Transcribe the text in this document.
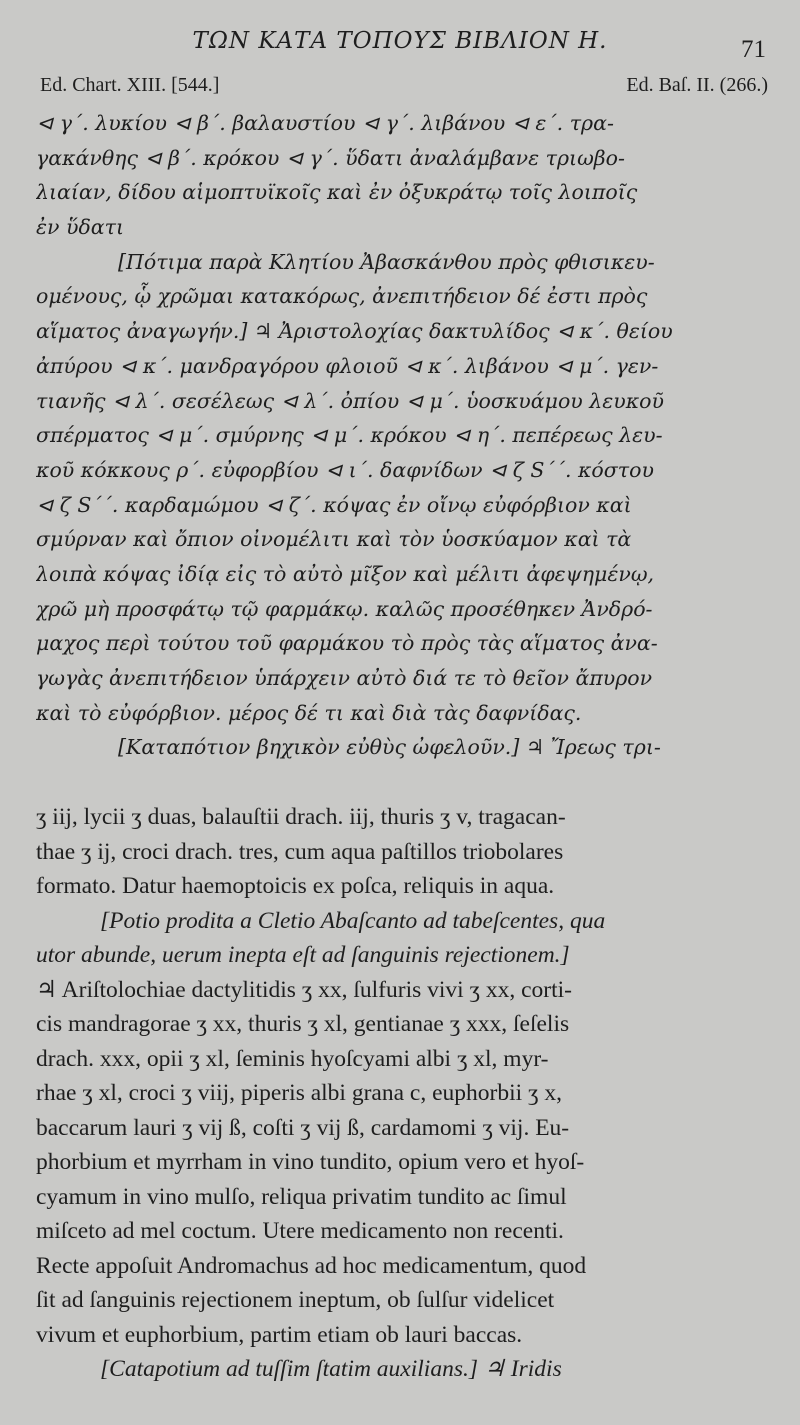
ΤΩΝ ΚΑΤΑ ΤΟΠΟΥΣ ΒΙΒΛΙΟΝ Η.	71
Ed. Chart. XIII. [544.]	Ed. Baſ. II. (266.)
⊲ γ΄. λυκίου ⊲ β΄. βαλαυστίου ⊲ γ΄. λιβάνου ⊲ ε΄. τρα-
γακάνθης ⊲ β΄. κρόκου ⊲ γ΄. ὕδατι ἀναλάμβανε τριωβο-
λιαίαν, δίδου αἱμοπτυϊκοῖς καὶ ἐν ὀξυκράτῳ τοῖς λοιποῖς
ἐν ὕδατι
[Πότιμα παρὰ Κλητίου Ἀβασκάνθου πρὸς φθισικευ-
ομένους, ᾧ χρῶμαι κατακόρως, ἀνεπιτήδειον δέ ἐστι πρὸς
αἵματος ἀναγωγήν.] ♃ Ἀριστολοχίας δακτυλίδος ⊲ κ΄. θείου
ἀπύρου ⊲ κ΄. μανδραγόρου φλοιοῦ ⊲ κ΄. λιβάνου ⊲ μ΄. γεν-
τιανῆς ⊲ λ΄. σεσέλεως ⊲ λ΄. ὀπίου ⊲ μ΄. ὑοσκυάμου λευκοῦ
σπέρματος ⊲ μ΄. σμύρνης ⊲ μ΄. κρόκου ⊲ η΄. πεπέρεως λευ-
κοῦ κόκκους ρ΄. εὐφορβίου ⊲ ι΄. δαφνίδων ⊲ ζ S΄΄. κόστου
⊲ ζ S΄΄. καρδαμώμου ⊲ ζ΄. κόψας ἐν οἴνῳ εὐφόρβιον καὶ
σμύρναν καὶ ὄπιον οἰνομέλιτι καὶ τὸν ὑοσκύαμον καὶ τὰ
λοιπὰ κόψας ἰδίᾳ εἰς τὸ αὐτὸ μῖξον καὶ μέλιτι ἀφεψημένῳ,
χρῶ μὴ προσφάτῳ τῷ φαρμάκῳ. καλῶς προσέθηκεν Ἀνδρό-
μαχος περὶ τούτου τοῦ φαρμάκου τὸ πρὸς τὰς αἵματος ἀνα-
γωγὰς ἀνεπιτήδειον ὑπάρχειν αὐτὸ διά τε τὸ θεῖον ἄπυρον
καὶ τὸ εὐφόρβιον. μέρος δέ τι καὶ διὰ τὰς δαφνίδας.
[Καταπότιον βηχικὸν εὐθὺς ὠφελοῦν.] ♃ Ἴρεως τρι-
ʒ iij, lycii ʒ duas, balauſtii drach. iij, thuris ʒ v, tragacan-
thae ʒ ij, croci drach. tres, cum aqua paſtillos triobolares
formato. Datur haemoptoicis ex poſca, reliquis in aqua.
[Potio prodita a Cletio Abaſcanto ad tabeſcentes, qua
utor abunde, uerum inepta eſt ad ſanguinis rejectionem.]
♃ Ariſtolochiae dactylitidis ʒ xx, ſulfuris vivi ʒ xx, corti-
cis mandragorae ʒ xx, thuris ʒ xl, gentianae ʒ xxx, ſeſelis
drach. xxx, opii ʒ xl, ſeminis hyoſcyami albi ʒ xl, myr-
rhae ʒ xl, croci ʒ viij, piperis albi grana c, euphorbii ʒ x,
baccarum lauri ʒ vij ß, coſti ʒ vij ß, cardamomi ʒ vij. Eu-
phorbium et myrrham in vino tundito, opium vero et hyoſ-
cyamum in vino mulſo, reliqua privatim tundito ac ſimul
miſceto ad mel coctum. Utere medicamento non recenti.
Recte appoſuit Andromachus ad hoc medicamentum, quod
ſit ad ſanguinis rejectionem ineptum, ob ſulſur videlicet
vivum et euphorbium, partim etiam ob lauri baccas.
[Catapotium ad tuſſim ſtatim auxilians.] ♃ Iridis
